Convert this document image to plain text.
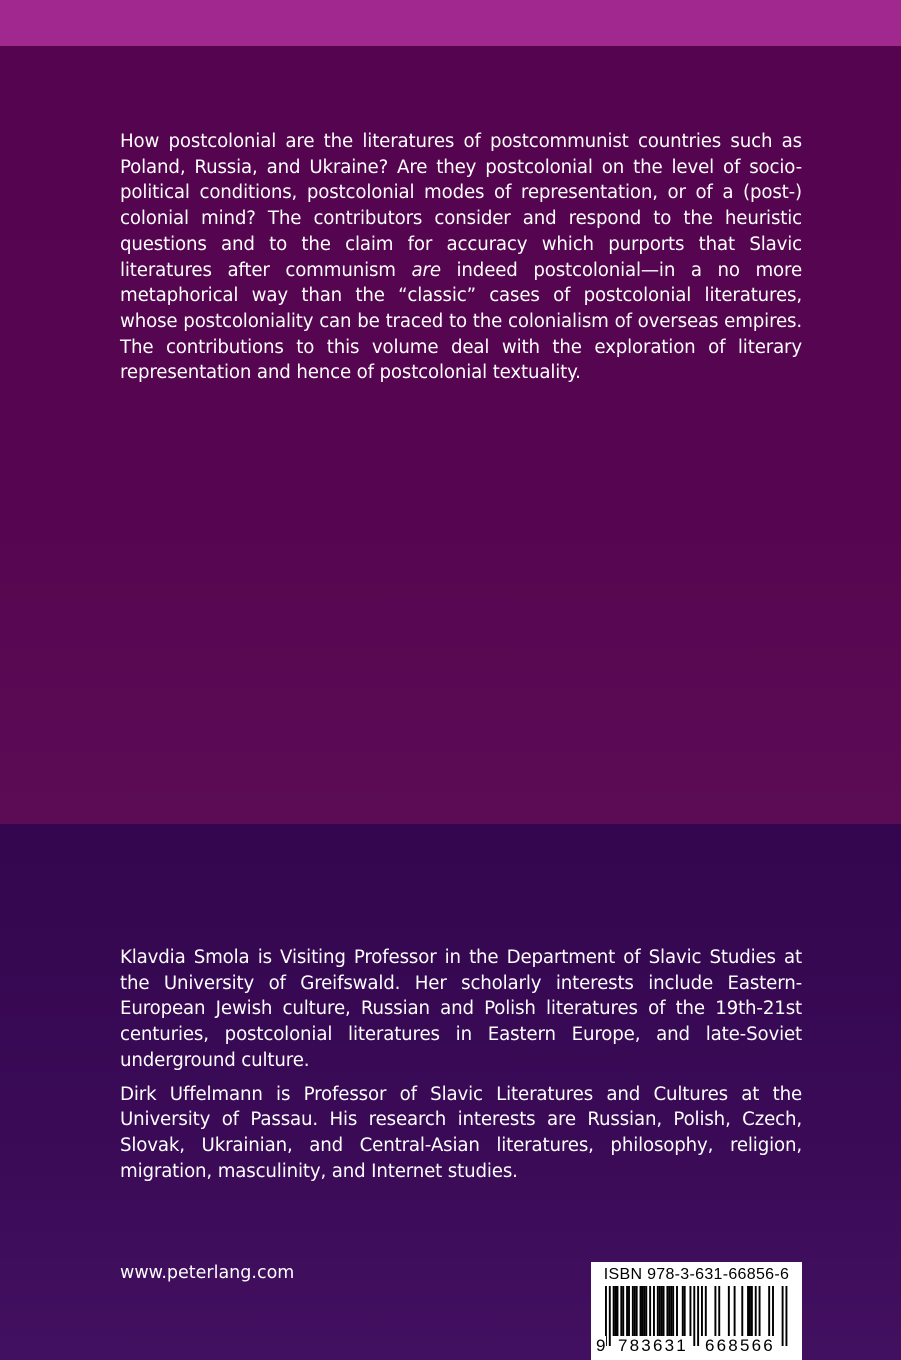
How postcolonial are the literatures of postcommunist countries such as Poland, Russia, and Ukraine? Are they postcolonial on the level of socio-political conditions, postcolonial modes of representation, or of a (post-) colonial mind? The contributors consider and respond to the heuristic questions and to the claim for accuracy which purports that Slavic literatures after communism are indeed postcolonial—in a no more metaphorical way than the “classic” cases of postcolonial literatures, whose postcoloniality can be traced to the colonialism of overseas empires. The contributions to this volume deal with the exploration of literary representation and hence of postcolonial textuality.

Klavdia Smola is Visiting Professor in the Department of Slavic Studies at the University of Greifswald. Her scholarly interests include Eastern-European Jewish culture, Russian and Polish literatures of the 19th-21st centuries, postcolonial literatures in Eastern Europe, and late-Soviet underground culture.

Dirk Uffelmann is Professor of Slavic Literatures and Cultures at the University of Passau. His research interests are Russian, Polish, Czech, Slovak, Ukrainian, and Central-Asian literatures, philosophy, religion, migration, masculinity, and Internet studies.

www.peterlang.com	ISBN 978-3-631-66856-6
9 783631 668566
